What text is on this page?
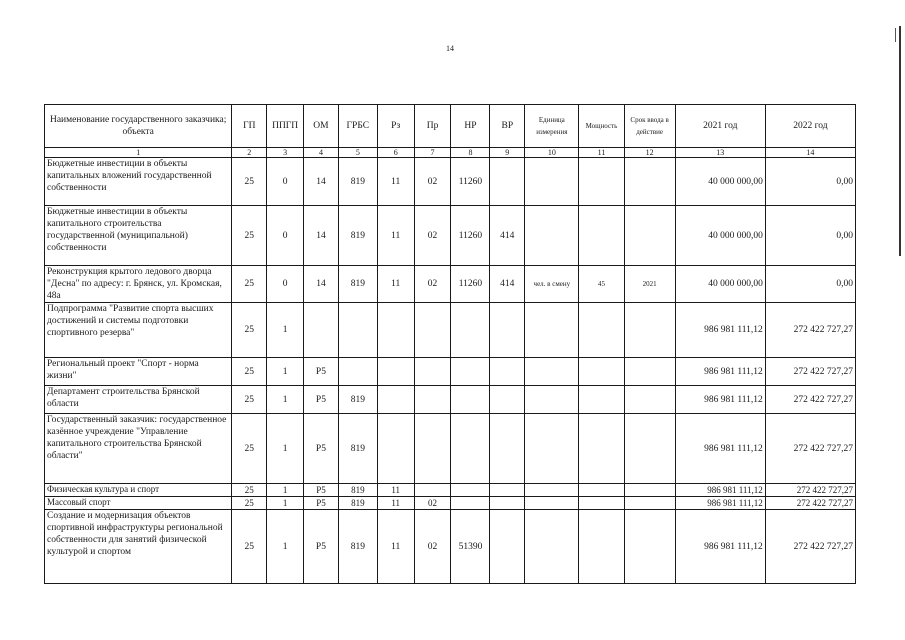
14
Наименование государственного заказчика; объекта	ГП	ППГП	ОМ	ГРБС	Рз	Пр	НР	ВР	Единица измерения	Мощность	Срок ввода в действие	2021 год	2022 год
1	2	3	4	5	6	7	8	9	10	11	12	13	14
Бюджетные инвестиции в объекты капитальных вложений государственной собственности	25	0	14	819	11	02	11260					40 000 000,00	0,00
Бюджетные инвестиции в объекты капитального строительства государственной (муниципальной) собственности	25	0	14	819	11	02	11260	414				40 000 000,00	0,00
Реконструкция крытого ледового дворца "Десна" по адресу: г. Брянск, ул. Кромская, 48а	25	0	14	819	11	02	11260	414	чел. в смену	45	2021	40 000 000,00	0,00
Подпрограмма "Развитие спорта высших достижений и системы подготовки спортивного резерва"	25	1										986 981 111,12	272 422 727,27
Региональный проект "Спорт - норма жизни"	25	1	P5									986 981 111,12	272 422 727,27
Департамент строительства Брянской области	25	1	P5	819								986 981 111,12	272 422 727,27
Государственный заказчик: государственное казённое учреждение "Управление капитального строительства Брянской области"	25	1	P5	819								986 981 111,12	272 422 727,27
Физическая культура и спорт	25	1	P5	819	11							986 981 111,12	272 422 727,27
Массовый спорт	25	1	P5	819	11	02						986 981 111,12	272 422 727,27
Создание и модернизация объектов спортивной инфраструктуры региональной собственности для занятий физической культурой и спортом	25	1	P5	819	11	02	51390					986 981 111,12	272 422 727,27
